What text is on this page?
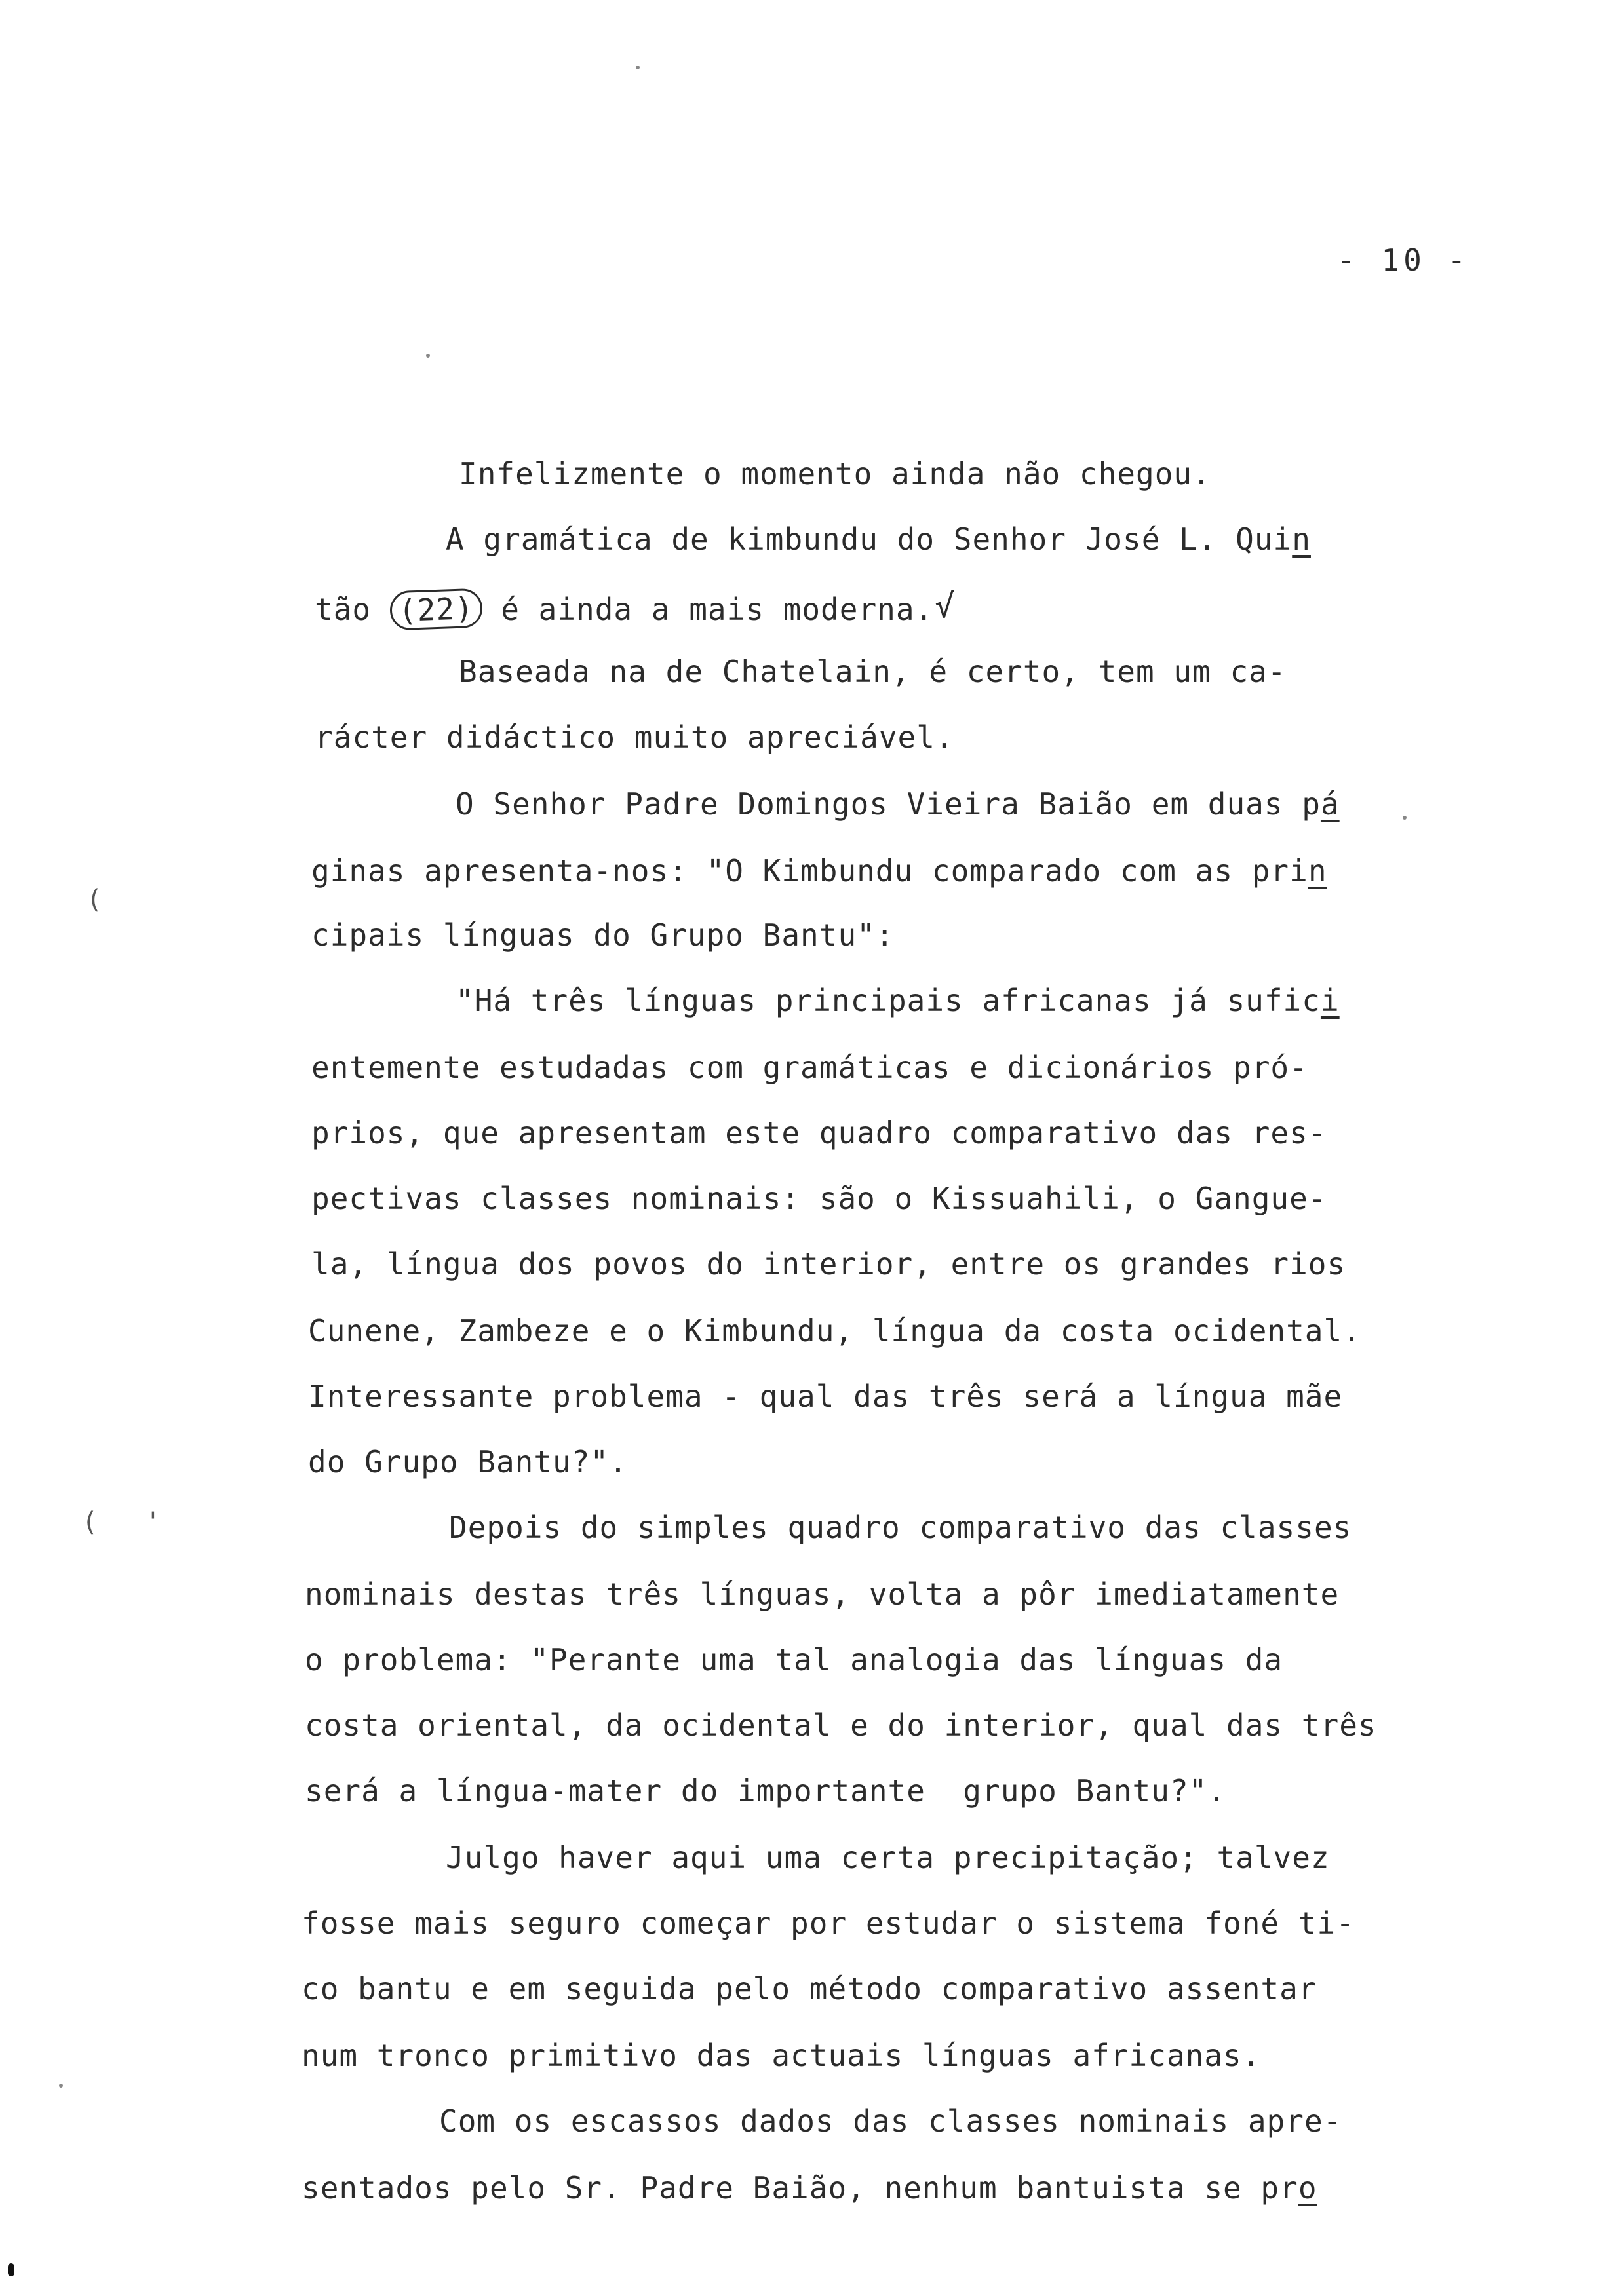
- 10 -
Infelizmente o momento ainda não chegou.
A gramática de kimbundu do Senhor José L. Quin
tão (22) é ainda a mais moderna.√
Baseada na de Chatelain, é certo, tem um ca-
rácter didáctico muito apreciável.
O Senhor Padre Domingos Vieira Baião em duas pá
ginas apresenta-nos: "O Kimbundu comparado com as prin
cipais línguas do Grupo Bantu":
"Há três línguas principais africanas já sufici
entemente estudadas com gramáticas e dicionários pró-
prios, que apresentam este quadro comparativo das res-
pectivas classes nominais: são o Kissuahili, o Gangue-
la, língua dos povos do interior, entre os grandes rios
Cunene, Zambeze e o Kimbundu, língua da costa ocidental.
Interessante problema - qual das três será a língua mãe
do Grupo Bantu?".
Depois do simples quadro comparativo das classes
nominais destas três línguas, volta a pôr imediatamente
o problema: "Perante uma tal analogia das línguas da
costa oriental, da ocidental e do interior, qual das três
será a língua-mater do importante  grupo Bantu?".
Julgo haver aqui uma certa precipitação; talvez
fosse mais seguro começar por estudar o sistema foné ti-
co bantu e em seguida pelo método comparativo assentar
num tronco primitivo das actuais línguas africanas.
Com os escassos dados das classes nominais apre-
sentados pelo Sr. Padre Baião, nenhum bantuista se pro
(
(   '
